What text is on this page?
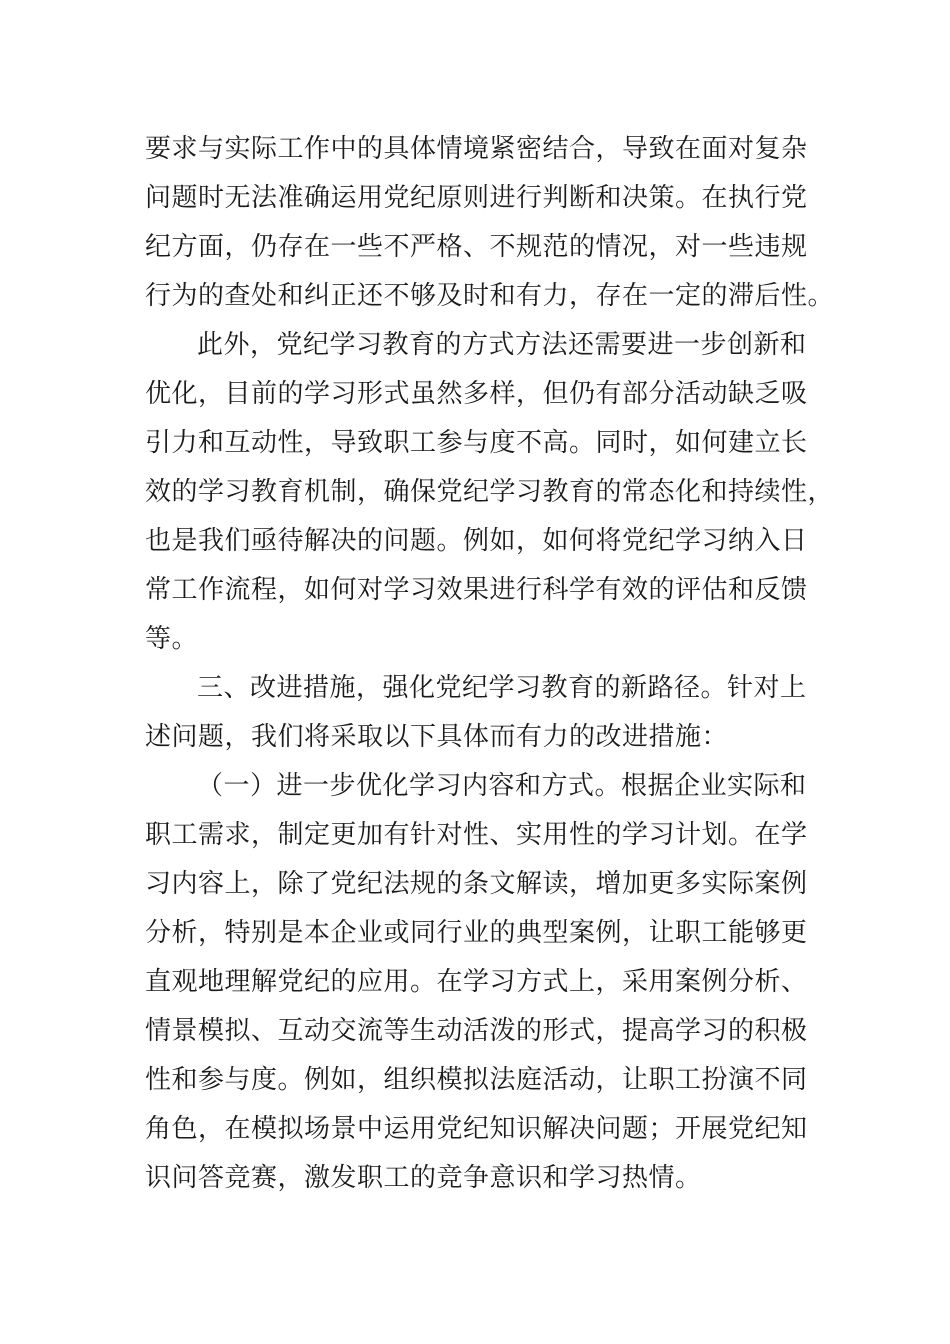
要求与实际工作中的具体情境紧密结合，导致在面对复杂
问题时无法准确运用党纪原则进行判断和决策。在执行党
纪方面，仍存在一些不严格、不规范的情况，对一些违规
行为的查处和纠正还不够及时和有力，存在一定的滞后性。
此外，党纪学习教育的方式方法还需要进一步创新和
优化，目前的学习形式虽然多样，但仍有部分活动缺乏吸
引力和互动性，导致职工参与度不高。同时，如何建立长
效的学习教育机制，确保党纪学习教育的常态化和持续性，
也是我们亟待解决的问题。例如，如何将党纪学习纳入日
常工作流程，如何对学习效果进行科学有效的评估和反馈
等。
三、改进措施，强化党纪学习教育的新路径。针对上
述问题，我们将采取以下具体而有力的改进措施：
（一）进一步优化学习内容和方式。根据企业实际和
职工需求，制定更加有针对性、实用性的学习计划。在学
习内容上，除了党纪法规的条文解读，增加更多实际案例
分析，特别是本企业或同行业的典型案例，让职工能够更
直观地理解党纪的应用。在学习方式上，采用案例分析、
情景模拟、互动交流等生动活泼的形式，提高学习的积极
性和参与度。例如，组织模拟法庭活动，让职工扮演不同
角色，在模拟场景中运用党纪知识解决问题；开展党纪知
识问答竞赛，激发职工的竞争意识和学习热情。
